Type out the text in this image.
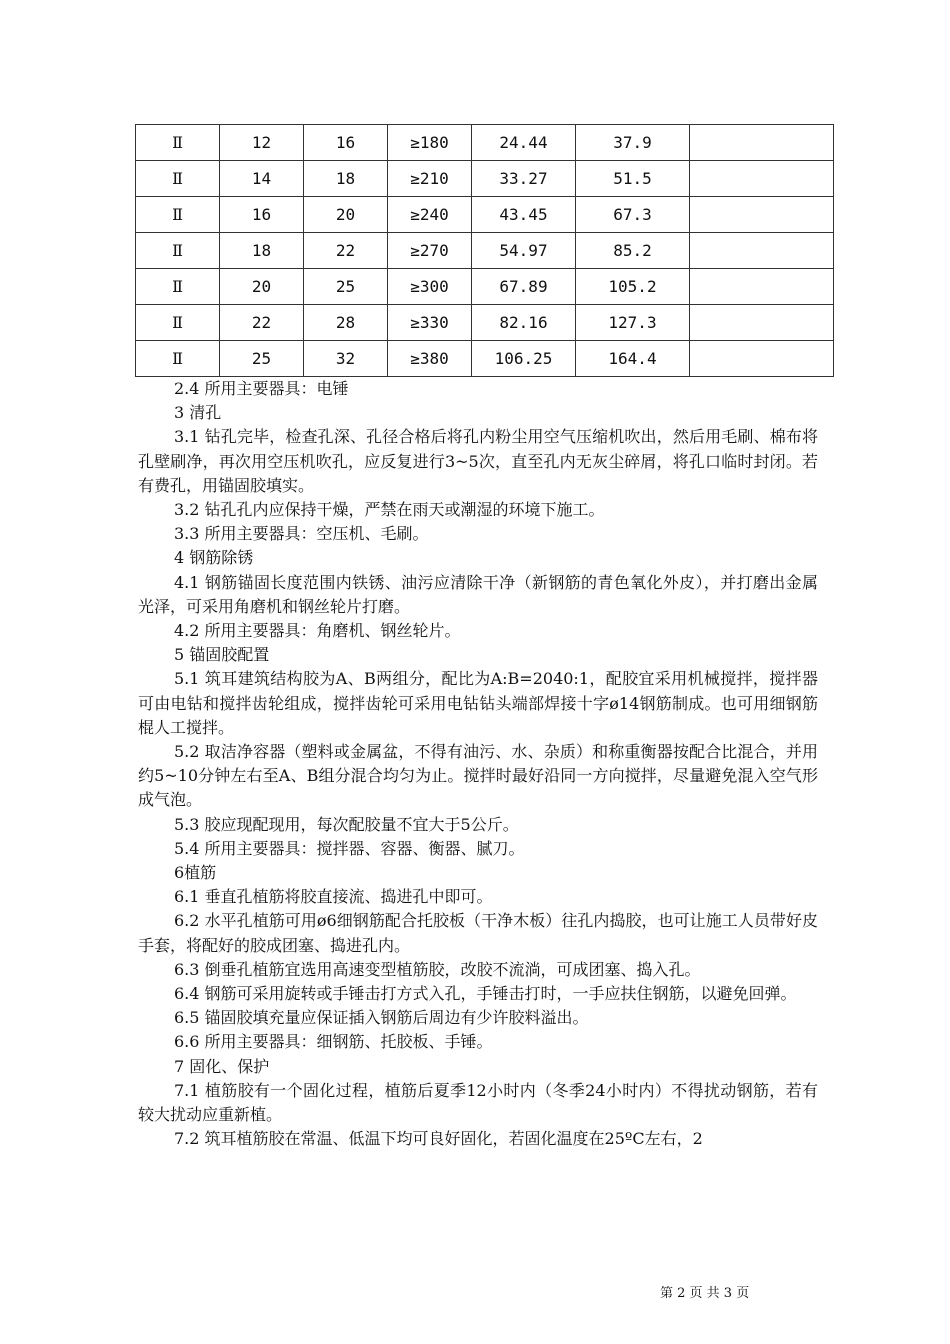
Ⅱ	12	16	≥180	24.44	37.9	
Ⅱ	14	18	≥210	33.27	51.5	
Ⅱ	16	20	≥240	43.45	67.3	
Ⅱ	18	22	≥270	54.97	85.2	
Ⅱ	20	25	≥300	67.89	105.2	
Ⅱ	22	28	≥330	82.16	127.3	
Ⅱ	25	32	≥380	106.25	164.4	

2.4 所用主要器具：电锤

3 清孔

3.1 钻孔完毕，检查孔深、孔径合格后将孔内粉尘用空气压缩机吹出，然后用毛刷、棉布将孔壁刷净，再次用空压机吹孔，应反复进行3~5次，直至孔内无灰尘碎屑，将孔口临时封闭。若有费孔，用锚固胶填实。

3.2 钻孔孔内应保持干燥，严禁在雨天或潮湿的环境下施工。

3.3 所用主要器具：空压机、毛刷。

4 钢筋除锈

4.1 钢筋锚固长度范围内铁锈、油污应清除干净（新钢筋的青色氧化外皮），并打磨出金属光泽，可采用角磨机和钢丝轮片打磨。

4.2 所用主要器具：角磨机、钢丝轮片。

5 锚固胶配置

5.1 筑耳建筑结构胶为A、B两组分，配比为A:B=2040:1，配胶宜采用机械搅拌，搅拌器可由电钻和搅拌齿轮组成，搅拌齿轮可采用电钻钻头端部焊接十字ø14钢筋制成。也可用细钢筋棍人工搅拌。

5.2 取洁净容器（塑料或金属盆，不得有油污、水、杂质）和称重衡器按配合比混合，并用约5~10分钟左右至A、B组分混合均匀为止。搅拌时最好沿同一方向搅拌，尽量避免混入空气形成气泡。

5.3 胶应现配现用，每次配胶量不宜大于5公斤。

5.4 所用主要器具：搅拌器、容器、衡器、腻刀。

6植筋

6.1 垂直孔植筋将胶直接流、捣进孔中即可。

6.2 水平孔植筋可用ø6细钢筋配合托胶板（干净木板）往孔内捣胶，也可让施工人员带好皮手套，将配好的胶成团塞、捣进孔内。

6.3 倒垂孔植筋宜选用高速变型植筋胶，改胶不流淌，可成团塞、捣入孔。

6.4 钢筋可采用旋转或手锤击打方式入孔，手锤击打时，一手应扶住钢筋，以避免回弹。

6.5 锚固胶填充量应保证插入钢筋后周边有少许胶料溢出。

6.6 所用主要器具：细钢筋、托胶板、手锤。

7 固化、保护

7.1 植筋胶有一个固化过程，植筋后夏季12小时内（冬季24小时内）不得扰动钢筋，若有较大扰动应重新植。

7.2 筑耳植筋胶在常温、低温下均可良好固化，若固化温度在25ºC左右，2

第 2 页 共 3 页
